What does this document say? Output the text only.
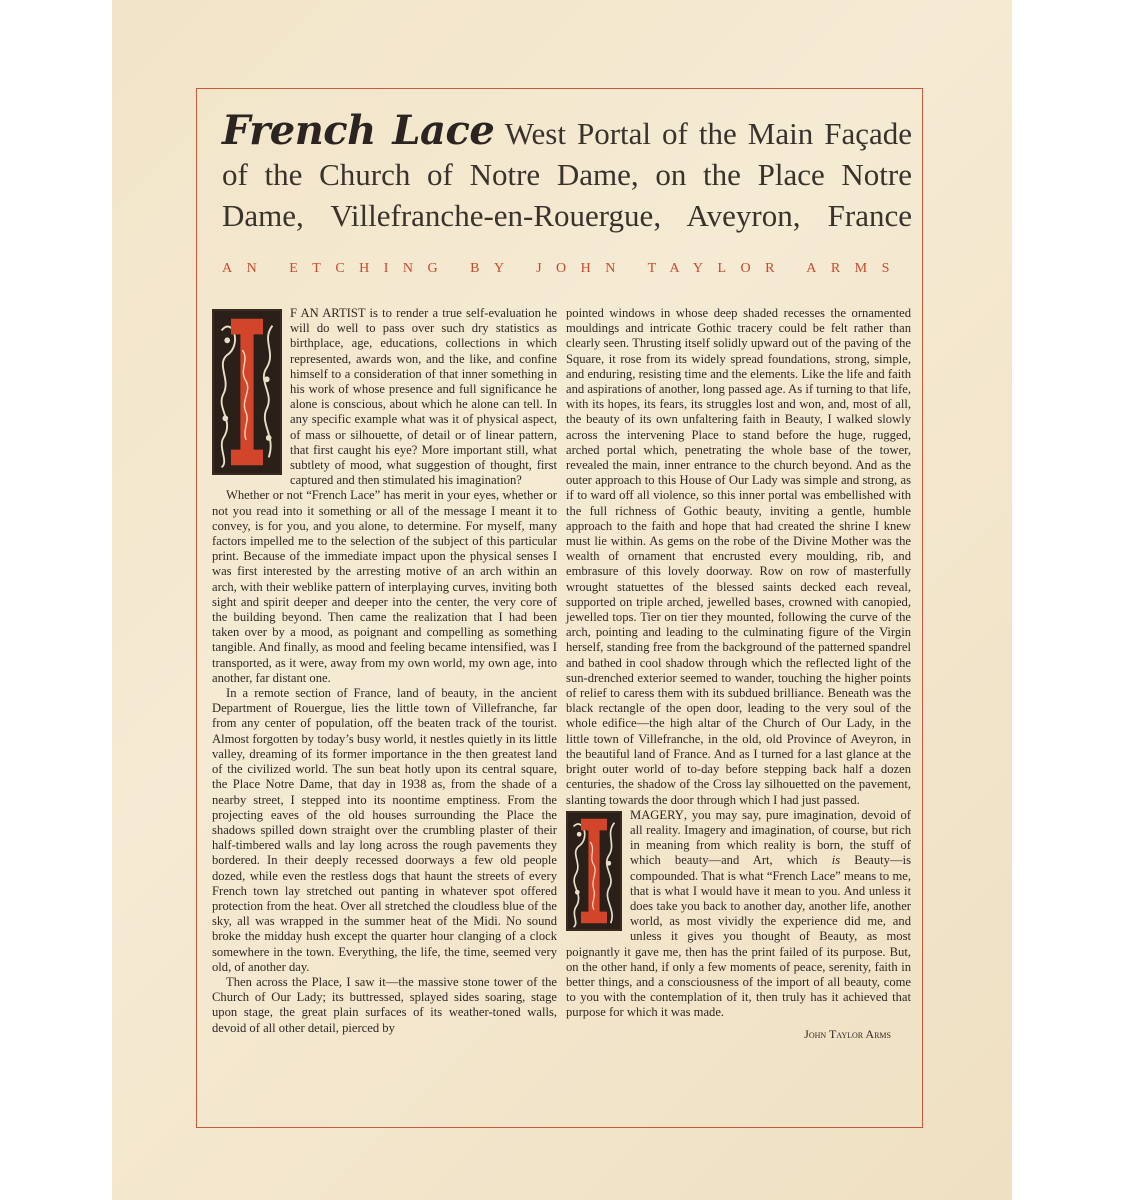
French Lace West Portal of the Main Façade of the Church of Notre Dame, on the Place Notre Dame, Villefranche-en-Rouergue, Aveyron, France
AN ETCHING BY JOHN TAYLOR ARMS

F AN ARTIST is to render a true self-evaluation he will do well to pass over such dry statistics as birthplace, age, educations, collections in which represented, awards won, and the like, and confine himself to a consideration of that inner something in his work of whose presence and full significance he alone is conscious, about which he alone can tell. In any specific example what was it of physical aspect, of mass or silhouette, of detail or of linear pattern, that first caught his eye? More important still, what subtlety of mood, what suggestion of thought, first captured and then stimulated his imagination?

Whether or not “French Lace” has merit in your eyes, whether or not you read into it something or all of the message I meant it to convey, is for you, and you alone, to determine. For myself, many factors impelled me to the selection of the subject of this particular print. Because of the immediate impact upon the physical senses I was first interested by the arresting motive of an arch within an arch, with their weblike pattern of interplaying curves, inviting both sight and spirit deeper and deeper into the center, the very core of the building beyond. Then came the realization that I had been taken over by a mood, as poignant and compelling as something tangible. And finally, as mood and feeling became intensified, was I transported, as it were, away from my own world, my own age, into another, far distant one.

In a remote section of France, land of beauty, in the ancient Department of Rouergue, lies the little town of Villefranche, far from any center of population, off the beaten track of the tourist. Almost forgotten by today’s busy world, it nestles quietly in its little valley, dreaming of its former importance in the then greatest land of the civilized world. The sun beat hotly upon its central square, the Place Notre Dame, that day in 1938 as, from the shade of a nearby street, I stepped into its noontime emptiness. From the projecting eaves of the old houses surrounding the Place the shadows spilled down straight over the crumbling plaster of their half-timbered walls and lay long across the rough pavements they bordered. In their deeply recessed doorways a few old people dozed, while even the restless dogs that haunt the streets of every French town lay stretched out panting in whatever spot offered protection from the heat. Over all stretched the cloudless blue of the sky, all was wrapped in the summer heat of the Midi. No sound broke the midday hush except the quarter hour clanging of a clock somewhere in the town. Everything, the life, the time, seemed very old, of another day.

Then across the Place, I saw it—the massive stone tower of the Church of Our Lady; its buttressed, splayed sides soaring, stage upon stage, the great plain surfaces of its weather-toned walls, devoid of all other detail, pierced by

pointed windows in whose deep shaded recesses the ornamented mouldings and intricate Gothic tracery could be felt rather than clearly seen. Thrusting itself solidly upward out of the paving of the Square, it rose from its widely spread foundations, strong, simple, and enduring, resisting time and the elements. Like the life and faith and aspirations of another, long passed age. As if turning to that life, with its hopes, its fears, its struggles lost and won, and, most of all, the beauty of its own unfaltering faith in Beauty, I walked slowly across the intervening Place to stand before the huge, rugged, arched portal which, penetrating the whole base of the tower, revealed the main, inner entrance to the church beyond. And as the outer approach to this House of Our Lady was simple and strong, as if to ward off all violence, so this inner portal was embellished with the full richness of Gothic beauty, inviting a gentle, humble approach to the faith and hope that had created the shrine I knew must lie within. As gems on the robe of the Divine Mother was the wealth of ornament that encrusted every moulding, rib, and embrasure of this lovely doorway. Row on row of masterfully wrought statuettes of the blessed saints decked each reveal, supported on triple arched, jewelled bases, crowned with canopied, jewelled tops. Tier on tier they mounted, following the curve of the arch, pointing and leading to the culminating figure of the Virgin herself, standing free from the background of the patterned spandrel and bathed in cool shadow through which the reflected light of the sun-drenched exterior seemed to wander, touching the higher points of relief to caress them with its subdued brilliance. Beneath was the black rectangle of the open door, leading to the very soul of the whole edifice—the high altar of the Church of Our Lady, in the little town of Villefranche, in the old, old Province of Aveyron, in the beautiful land of France. And as I turned for a last glance at the bright outer world of to-day before stepping back half a dozen centuries, the shadow of the Cross lay silhouetted on the pavement, slanting towards the door through which I had just passed.

MAGERY, you may say, pure imagination, devoid of all reality. Imagery and imagination, of course, but rich in meaning from which reality is born, the stuff of which beauty—and Art, which is Beauty—is compounded. That is what “French Lace” means to me, that is what I would have it mean to you. And unless it does take you back to another day, another life, another world, as most vividly the experience did me, and unless it gives you thought of Beauty, as most poignantly it gave me, then has the print failed of its purpose. But, on the other hand, if only a few moments of peace, serenity, faith in better things, and a consciousness of the import of all beauty, come to you with the contemplation of it, then truly has it achieved that purpose for which it was made.

John Taylor Arms
